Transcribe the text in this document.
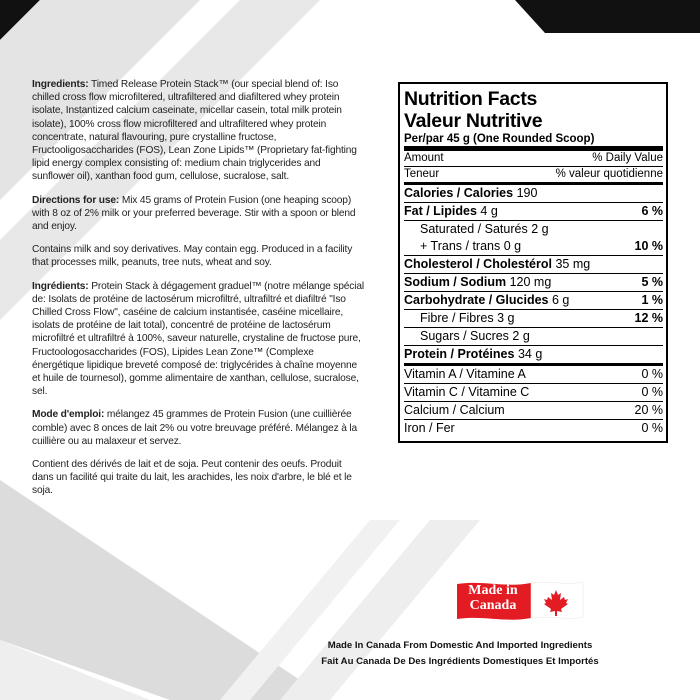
Ingredients: Timed Release Protein Stack™ (our special blend of: Iso chilled cross flow microfiltered, ultrafiltered and diafiltered whey protein isolate, Instantized calcium caseinate, micellar casein, total milk protein isolate), 100% cross flow microfiltered and ultrafiltered whey protein concentrate, natural flavouring, pure crystalline fructose, Fructooligosaccharides (FOS), Lean Zone Lipids™ (Proprietary fat-fighting lipid energy complex consisting of: medium chain triglycerides and sunflower oil), xanthan food gum, cellulose, sucralose, salt.

Directions for use: Mix 45 grams of Protein Fusion (one heaping scoop) with 8 oz of 2% milk or your preferred beverage. Stir with a spoon or blend and enjoy.

Contains milk and soy derivatives. May contain egg. Produced in a facility that processes milk, peanuts, tree nuts, wheat and soy.

Ingrédients: Protein Stack à dégagement graduel™ (notre mélange spécial de: Isolats de protéine de lactosérum microfiltré, ultrafiltré et diafiltré "Iso Chilled Cross Flow", caséine de calcium instantisée, caséine micellaire, isolats de protéine de lait total), concentré de protéine de lactosérum microfiltré et ultrafiltré à 100%, saveur naturelle, crystaline de fructose pure, Fructoologosaccharides (FOS), Lipides Lean Zone™ (Complexe énergétique lipidique breveté composé de: triglycérides à chaîne moyenne et huile de tournesol), gomme alimentaire de xanthan, cellulose, sucralose, sel.

Mode d'emploi: mélangez 45 grammes de Protein Fusion (une cuillièrée comble) avec 8 onces de lait 2% ou votre breuvage préféré. Mélangez à la cuillière ou au malaxeur et servez.

Contient des dérivés de lait et de soja. Peut contenir des oeufs. Produit dans un facilité qui traite du lait, les arachides, les noix d'arbre, le blé et le soja.

Nutrition Facts
Valeur Nutritive
Per/par 45 g (One Rounded Scoop)
Amount	% Daily Value
Teneur	% valeur quotidienne
Calories / Calories 190
Fat / Lipides 4 g	6 %
Saturated / Saturés 2 g
+ Trans / trans 0 g	10 %
Cholesterol / Cholestérol 35 mg
Sodium / Sodium 120 mg	5 %
Carbohydrate / Glucides 6 g	1 %
Fibre / Fibres 3 g	12 %
Sugars / Sucres 2 g
Protein / Protéines 34 g
Vitamin A / Vitamine A	0 %
Vitamin C / Vitamine C	0 %
Calcium / Calcium	20 %
Iron / Fer	0 %
Made in Canada
Made In Canada From Domestic And Imported Ingredients
Fait Au Canada De Des Ingrédients Domestiques Et Importés
